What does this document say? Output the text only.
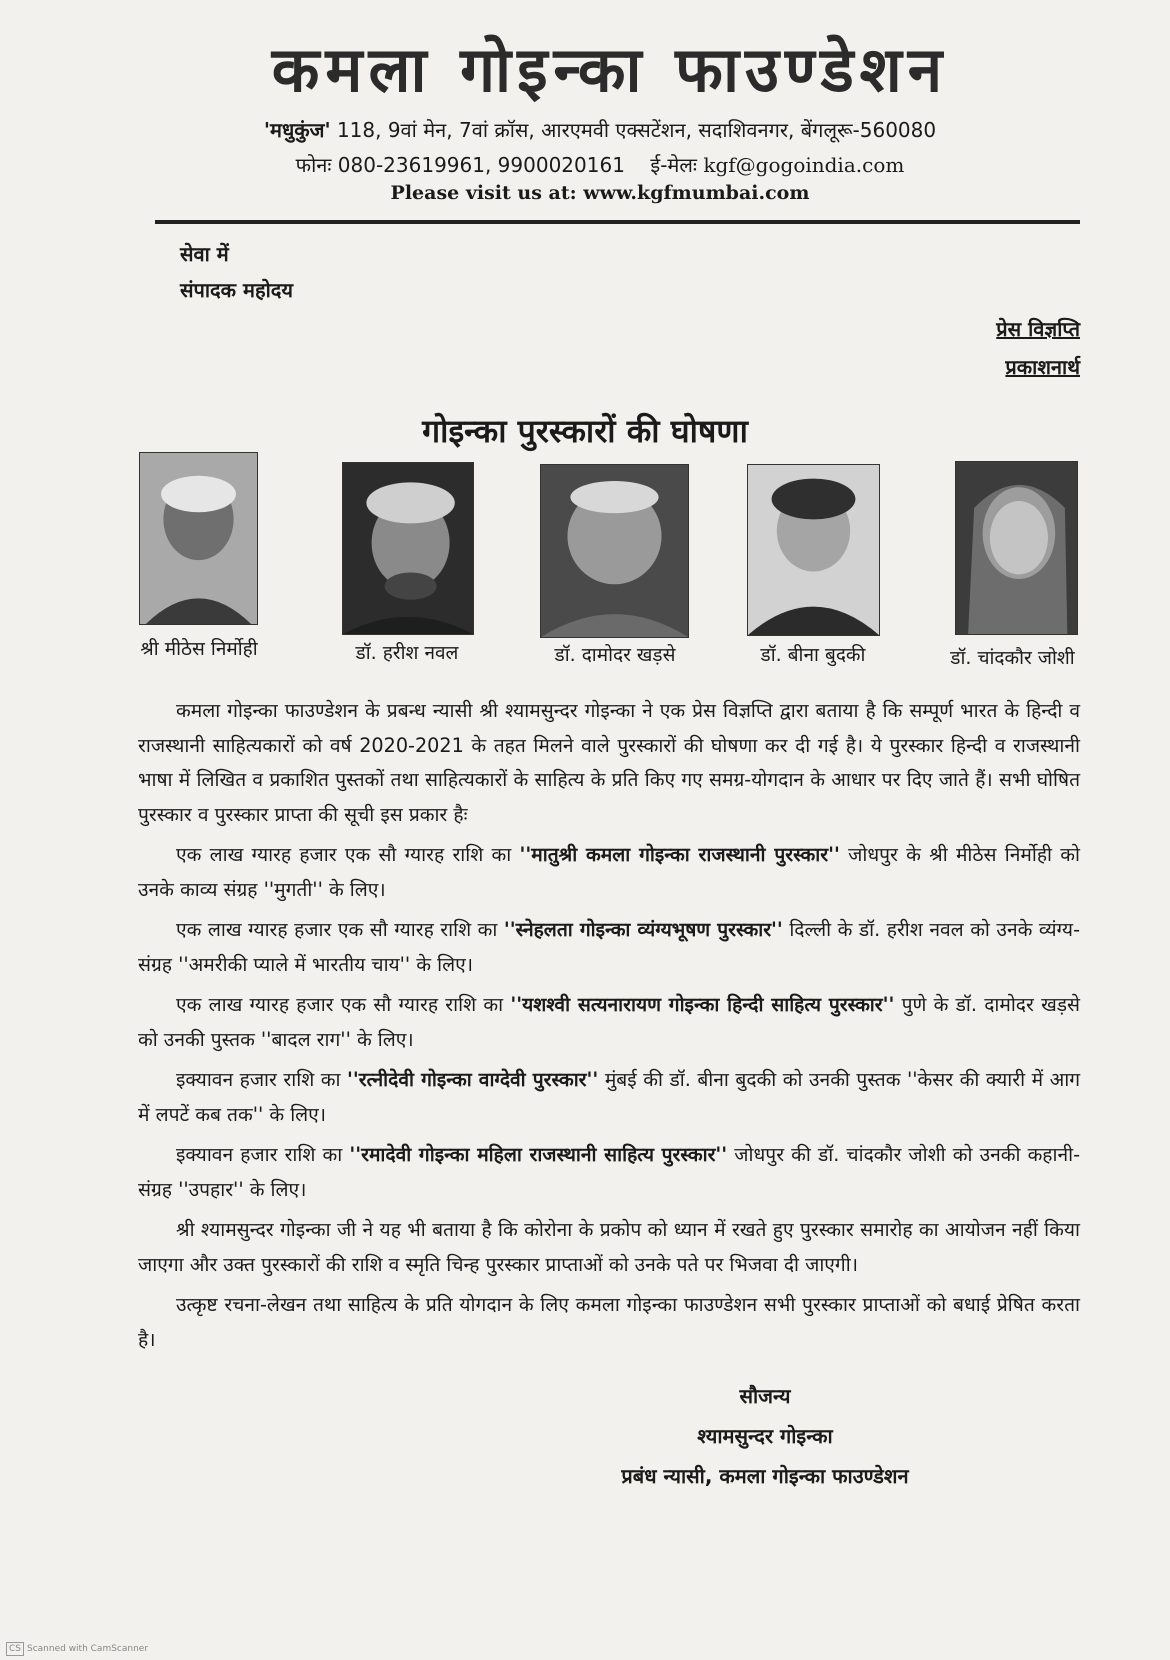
कमला गोइन्का फाउण्डेशन
'मधुकुंज' 118, 9वां मेन, 7वां क्रॉस, आरएमवी एक्सटेंशन, सदाशिवनगर, बेंगलूरू-560080
फोनः 080-23619961, 9900020161 ई-मेलः kgf@gogoindia.com
Please visit us at: www.kgfmumbai.com
सेवा में
संपादक महोदय
प्रेस विज्ञप्ति
प्रकाशनार्थ
गोइन्का पुरस्कारों की घोषणा
श्री मीठेस निर्मोही	डॉ. हरीश नवल	डॉ. दामोदर खड़से	डॉ. बीना बुदकी	डॉ. चांदकौर जोशी

कमला गोइन्का फाउण्डेशन के प्रबन्ध न्यासी श्री श्यामसुन्दर गोइन्का ने एक प्रेस विज्ञप्ति द्वारा बताया है कि सम्पूर्ण भारत के हिन्दी व राजस्थानी साहित्यकारों को वर्ष 2020-2021 के तहत मिलने वाले पुरस्कारों की घोषणा कर दी गई है। ये पुरस्कार हिन्दी व राजस्थानी भाषा में लिखित व प्रकाशित पुस्तकों तथा साहित्यकारों के साहित्य के प्रति किए गए समग्र-योगदान के आधार पर दिए जाते हैं। सभी घोषित पुरस्कार व पुरस्कार प्राप्ता की सूची इस प्रकार हैः

एक लाख ग्यारह हजार एक सौ ग्यारह राशि का ''मातुश्री कमला गोइन्का राजस्थानी पुरस्कार'' जोधपुर के श्री मीठेस निर्मोही को उनके काव्य संग्रह ''मुगती'' के लिए।

एक लाख ग्यारह हजार एक सौ ग्यारह राशि का ''स्नेहलता गोइन्का व्यंग्यभूषण पुरस्कार'' दिल्ली के डॉ. हरीश नवल को उनके व्यंग्य-संग्रह ''अमरीकी प्याले में भारतीय चाय'' के लिए।

एक लाख ग्यारह हजार एक सौ ग्यारह राशि का ''यशश्वी सत्यनारायण गोइन्का हिन्दी साहित्य पुरस्कार'' पुणे के डॉ. दामोदर खड़से को उनकी पुस्तक ''बादल राग'' के लिए।

इक्यावन हजार राशि का ''रत्नीदेवी गोइन्का वाग्देवी पुरस्कार'' मुंबई की डॉ. बीना बुदकी को उनकी पुस्तक ''केसर की क्यारी में आग में लपटें कब तक'' के लिए।

इक्यावन हजार राशि का ''रमादेवी गोइन्का महिला राजस्थानी साहित्य पुरस्कार'' जोधपुर की डॉ. चांदकौर जोशी को उनकी कहानी-संग्रह ''उपहार'' के लिए।

श्री श्यामसुन्दर गोइन्का जी ने यह भी बताया है कि कोरोना के प्रकोप को ध्यान में रखते हुए पुरस्कार समारोह का आयोजन नहीं किया जाएगा और उक्त पुरस्कारों की राशि व स्मृति चिन्ह पुरस्कार प्राप्ताओं को उनके पते पर भिजवा दी जाएगी।

उत्कृष्ट रचना-लेखन तथा साहित्य के प्रति योगदान के लिए कमला गोइन्का फाउण्डेशन सभी पुरस्कार प्राप्ताओं को बधाई प्रेषित करता है।

सौजन्य
श्यामसुन्दर गोइन्का
प्रबंध न्यासी, कमला गोइन्का फाउण्डेशन
CS Scanned with CamScanner
